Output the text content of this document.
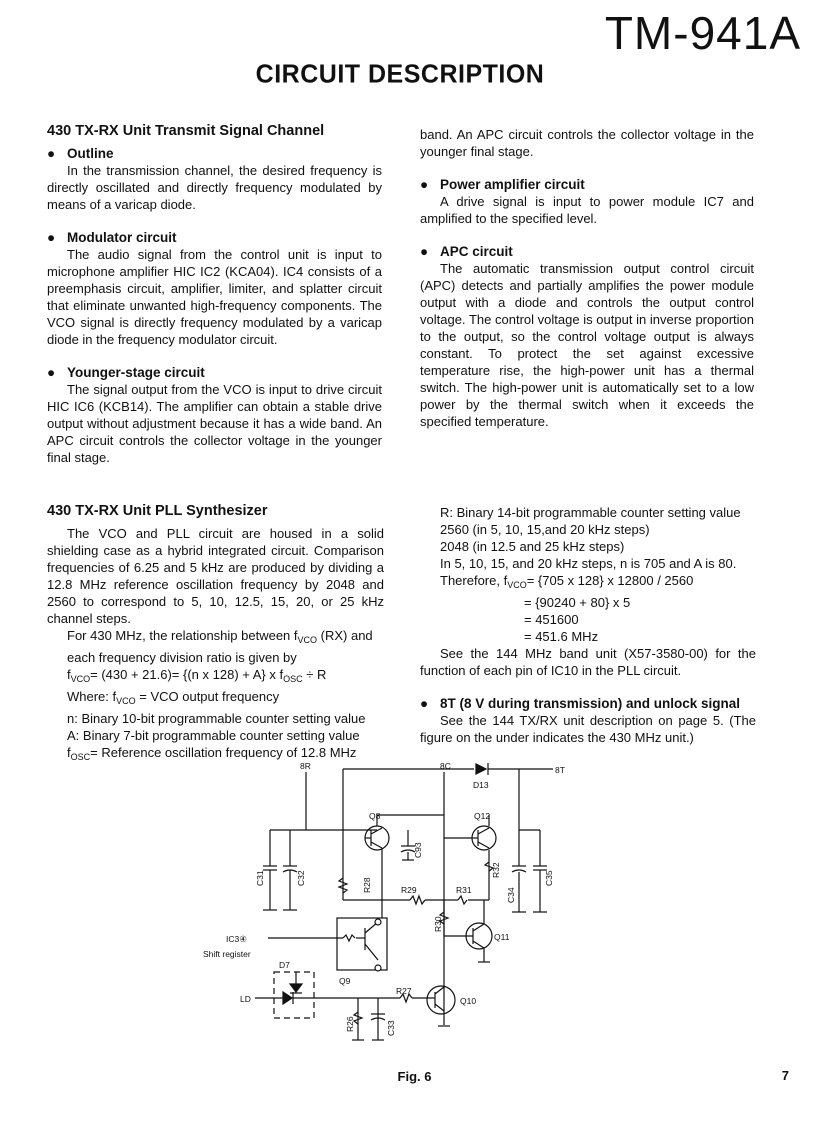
TM-941A
CIRCUIT DESCRIPTION
430 TX-RX Unit Transmit Signal Channel

● Outline

In the transmission channel, the desired frequency is directly oscillated and directly frequency modulated by means of a varicap diode.

● Modulator circuit

The audio signal from the control unit is input to microphone amplifier HIC IC2 (KCA04). IC4 consists of a preemphasis circuit, amplifier, limiter, and splatter circuit that eliminate unwanted high-frequency components. The VCO signal is directly frequency modulated by a varicap diode in the frequency modulator circuit.

● Younger-stage circuit

The signal output from the VCO is input to drive circuit HIC IC6 (KCB14). The amplifier can obtain a stable drive output without adjustment because it has a wide band. An APC circuit controls the collector voltage in the younger final stage.

band. An APC circuit controls the collector voltage in the younger final stage.

● Power amplifier circuit

A drive signal is input to power module IC7 and amplified to the specified level.

● APC circuit

The automatic transmission output control circuit (APC) detects and partially amplifies the power module output with a diode and controls the output control voltage. The control voltage is output in inverse proportion to the output, so the control voltage output is always constant. To protect the set against excessive temperature rise, the high-power unit has a thermal switch. The high-power unit is automatically set to a low power by the thermal switch when it exceeds the specified temperature.

430 TX-RX Unit PLL Synthesizer

The VCO and PLL circuit are housed in a solid shielding case as a hybrid integrated circuit. Comparison frequencies of 6.25 and 5 kHz are produced by dividing a 12.8 MHz reference oscillation frequency by 2048 and 2560 to correspond to 5, 10, 12.5, 15, 20, or 25 kHz channel steps.

For 430 MHz, the relationship between $f_{VCO}$ (RX) and

each frequency division ratio is given by

$f_{VCO}= (430 + 21.6)= \{(n$ x 128) + A} x $f_{OSC} \div R$

Where: $f_{VCO}$ = VCO output frequency

n: Binary 10-bit programmable counter setting value

A: Binary 7-bit programmable counter setting value

$f_{OSC}=$ Reference oscillation frequency of 12.8 MHz

R: Binary 14-bit programmable counter setting value

2560 (in 5, 10, 15,and 20 kHz steps)

2048 (in 12.5 and 25 kHz steps)

In 5, 10, 15, and 20 kHz steps, n is 705 and A is 80.

Therefore, $f_{VCO}= \{705$ x 128} x 12800 / 2560

= {90240 + 80} x 5

= 451600

= 451.6 MHz

See the 144 MHz band unit (X57-3580-00) for the function of each pin of IC10 in the PLL circuit.

● 8T (8 V during transmission) and unlock signal

See the 144 TX/RX unit description on page 5. (The figure on the under indicates the 430 MHz unit.)

8R	8C
D13
8T
Q8	Q12
C93
C31	C32	R28	R29	R31
R32
C34
C35
R30
Q11
IC3④
Shift register
D7
Q9
LD
R27
Q10
R26	C33
Fig. 6	7
